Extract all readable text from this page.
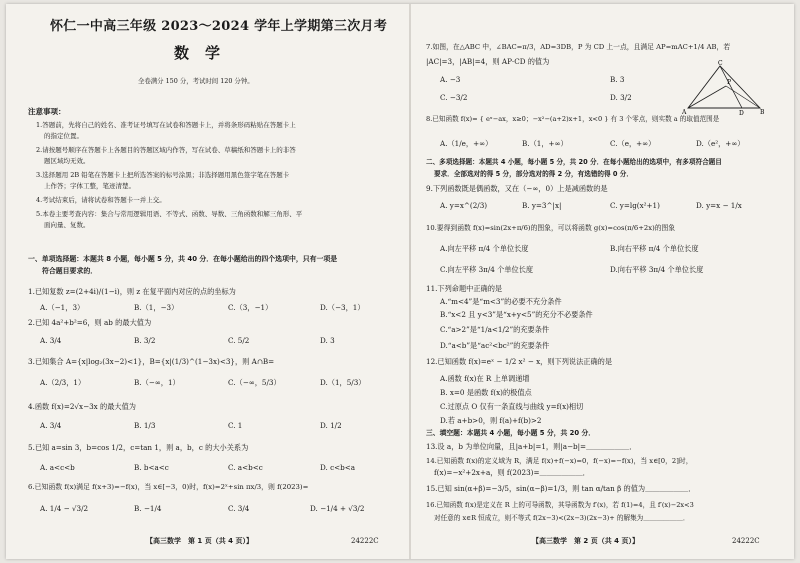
怀仁一中高三年级 2023～2024 学年上学期第三次月考
数学
全卷满分 150 分，考试时间 120 分钟。
注意事项：
1.答题前，先将自己的姓名、准考证号填写在试卷和答题卡上，并将条形码粘贴在答题卡上
的指定位置。
2.请按题号顺序在答题卡上各题目的答题区域内作答，写在试卷、草稿纸和答题卡上的非答
题区域均无效。
3.选择题用 2B 铅笔在答题卡上把所选答案的标号涂黑；非选择题用黑色签字笔在答题卡
上作答；字体工整，笔迹清楚。
4.考试结束后，请将试卷和答题卡一并上交。
5.本卷主要考查内容：集合与常用逻辑用语、不等式、函数、导数、三角函数和解三角形、平
面向量、复数。
一、单项选择题：本题共 8 小题，每小题 5 分，共 40 分．在每小题给出的四个选项中，只有一项是
符合题目要求的．
1.已知复数 z=(2+4i)/(1−i)，则 z 在复平面内对应的点的坐标为
A.（−1，3）	B.（1，−3）	C.（3，−1）	D.（−3，1）
2.已知 4a²+b²=6，则 ab 的最大值为
A. 3/4	B. 3/2	C. 5/2	D. 3
3.已知集合 A={x|log₂(3x−2)<1}，B={x|(1/3)^(1−3x)<3}，则 A∩B=
A.（2/3，1）	B.（−∞，1）	C.（−∞，5/3）	D.（1，5/3）
4.函数 f(x)=2√x−3x 的最大值为
A. 3/4	B. 1/3	C. 1	D. 1/2
5.已知 a=sin 3，b=cos 1/2，c=tan 1，则 a，b，c 的大小关系为
A. a<c<b	B. b<a<c	C. a<b<c	D. c<b<a
6.已知函数 f(x)满足 f(x+3)=−f(x)，当 x∈[−3，0)时，f(x)=2ˣ+sin πx/3，则 f(2023)=
A. 1/4 − √3/2	B. −1/4	C. 3/4	D. −1/4 + √3/2
【高三数学　第 1 页（共 4 页）】	24222C
7.如图，在△ABC 中，∠BAC=π/3，AD=3DB，P 为 CD 上一点，且满足 AP=mAC+1/4 AB，若
|AC|=3，|AB|=4，则 AP·CD 的值为
A. −3	B. 3
C. −3/2	D. 3/2
C
A	D	B
P
8.已知函数 f(x)= { eˣ−ax，x≥0；−x²−(a+2)x+1，x<0 } 有 3 个零点，则实数 a 的取值范围是
A.（1/e，+∞）	B.（1，+∞）	C.（e，+∞）	D.（e²，+∞）
二、多项选择题：本题共 4 小题，每小题 5 分，共 20 分．在每小题给出的选项中，有多项符合题目
要求．全部选对的得 5 分，部分选对的得 2 分，有选错的得 0 分．
9.下列函数既是偶函数，又在（−∞，0）上是减函数的是
A. y=x^(2/3)	B. y=3^|x|	C. y=lg(x²+1)	D. y=x − 1/x
10.要得到函数 f(x)=sin(2x+π/6)的图象，可以将函数 g(x)=cos(π/6+2x)的图象
A.向左平移 π/4 个单位长度	B.向右平移 π/4 个单位长度
C.向左平移 3π/4 个单位长度	D.向右平移 3π/4 个单位长度
11.下列命题中正确的是
A.“m<4”是“m<3”的必要不充分条件
B.“x<2 且 y<3”是“x+y<5”的充分不必要条件
C.“a>2”是“1/a<1/2”的充要条件
D.“a<b”是“ac²<bc²”的充要条件
12.已知函数 f(x)=eˣ − 1/2 x² − x，则下列说法正确的是
A.函数 f(x)在 R 上单调递增
B. x=0 是函数 f(x)的极值点
C.过原点 O 仅有一条直线与曲线 y=f(x)相切
D.若 a+b>0，则 f(a)+f(b)>2
三、填空题：本题共 4 小题，每小题 5 分，共 20 分．
13.设 a，b 为单位向量，且|a+b|=1，则|a−b|=＿＿＿＿＿＿．
14.已知函数 f(x)的定义域为 R，满足 f(x)+f(−x)=0，f(−x)=−f(x)，当 x∈[0，2]时，
f(x)=−x²+2x+a，则 f(2023)=＿＿＿＿＿＿．
15.已知 sin(α+β)=−3/5，sin(α−β)=1/3，则 tan α/tan β 的值为＿＿＿＿＿＿．
16.已知函数 f(x)是定义在 R 上的可导函数，其导函数为 f′(x)，若 f(1)=4，且 f′(x)−2x<3
对任意的 x∈R 恒成立，则不等式 f(2x−3)<(2x−3)(2x−3)+ 的解集为＿＿＿＿＿＿．
【高三数学　第 2 页（共 4 页）】	24222C
